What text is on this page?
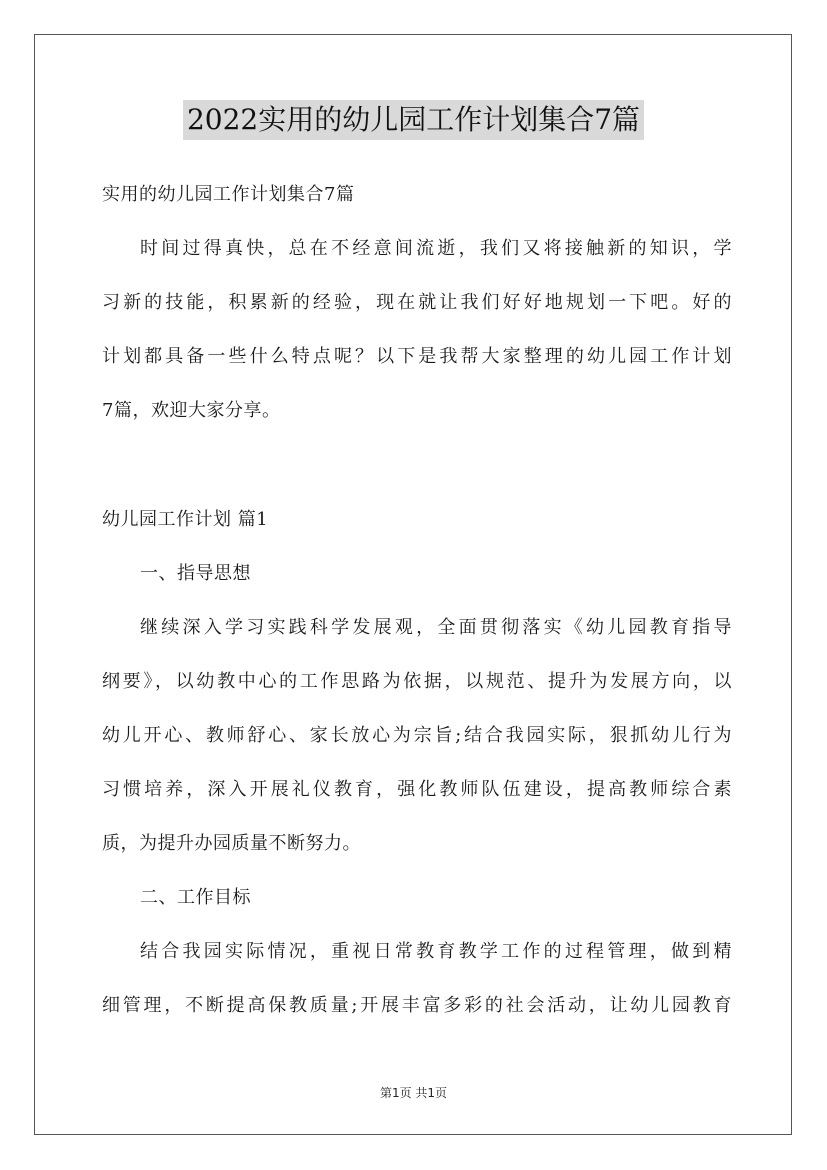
2022实用的幼儿园工作计划集合7篇
实用的幼儿园工作计划集合7篇
时间过得真快，总在不经意间流逝，我们又将接触新的知识，学
习新的技能，积累新的经验，现在就让我们好好地规划一下吧。好的
计划都具备一些什么特点呢？以下是我帮大家整理的幼儿园工作计划
7篇，欢迎大家分享。
幼儿园工作计划 篇1
一、指导思想
继续深入学习实践科学发展观，全面贯彻落实《幼儿园教育指导
纲要》，以幼教中心的工作思路为依据，以规范、提升为发展方向，以
幼儿开心、教师舒心、家长放心为宗旨;结合我园实际，狠抓幼儿行为
习惯培养，深入开展礼仪教育，强化教师队伍建设，提高教师综合素
质，为提升办园质量不断努力。
二、工作目标
结合我园实际情况，重视日常教育教学工作的过程管理，做到精
细管理，不断提高保教质量;开展丰富多彩的社会活动，让幼儿园教育
第1页 共1页
